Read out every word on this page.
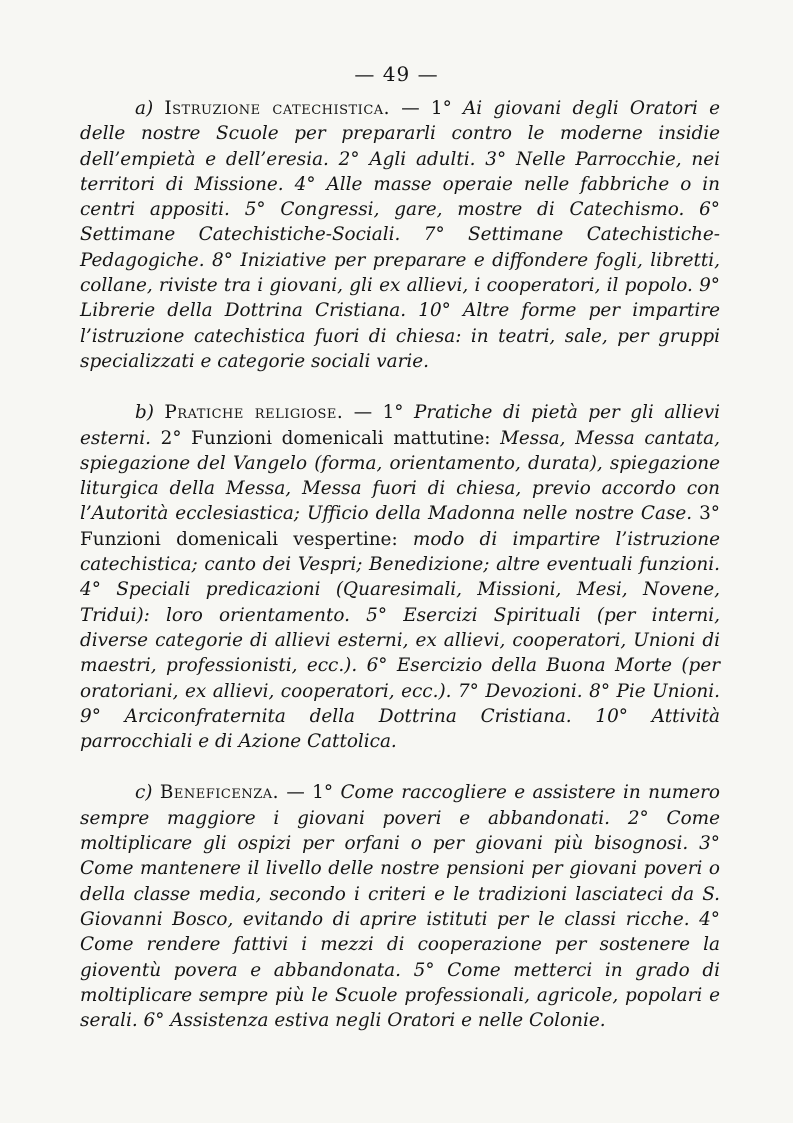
— 49 —

a) Istruzione catechistica. — 1° Ai giovani degli Oratori e delle nostre Scuole per prepararli contro le moderne insidie dell’empietà e dell’eresia. 2° Agli adulti. 3° Nelle Parrocchie, nei territori di Missione. 4° Alle masse operaie nelle fabbriche o in centri appositi. 5° Congressi, gare, mostre di Catechismo. 6° Settimane Catechistiche-Sociali. 7° Settimane Catechistiche-Pedagogiche. 8° Iniziative per preparare e diffondere fogli, libretti, collane, riviste tra i giovani, gli ex allievi, i cooperatori, il popolo. 9° Librerie della Dottrina Cristiana. 10° Altre forme per impartire l’istruzione catechistica fuori di chiesa: in teatri, sale, per gruppi specializzati e categorie sociali varie.

b) Pratiche religiose. — 1° Pratiche di pietà per gli allievi esterni. 2° Funzioni domenicali mattutine: Messa, Messa cantata, spiegazione del Vangelo (forma, orientamento, durata), spiegazione liturgica della Messa, Messa fuori di chiesa, previo accordo con l’Autorità ecclesiastica; Ufficio della Madonna nelle nostre Case. 3° Funzioni domenicali vespertine: modo di impartire l’istruzione catechistica; canto dei Vespri; Benedizione; altre eventuali funzioni. 4° Speciali predicazioni (Quaresimali, Missioni, Mesi, Novene, Tridui): loro orientamento. 5° Esercizi Spirituali (per interni, diverse categorie di allievi esterni, ex allievi, cooperatori, Unioni di maestri, professionisti, ecc.). 6° Esercizio della Buona Morte (per oratoriani, ex allievi, cooperatori, ecc.). 7° Devozioni. 8° Pie Unioni. 9° Arciconfraternita della Dottrina Cristiana. 10° Attività parrocchiali e di Azione Cattolica.

c) Beneficenza. — 1° Come raccogliere e assistere in numero sempre maggiore i giovani poveri e abbandonati. 2° Come moltiplicare gli ospizi per orfani o per giovani più bisognosi. 3° Come mantenere il livello delle nostre pensioni per giovani poveri o della classe media, secondo i criteri e le tradizioni lasciateci da S. Giovanni Bosco, evitando di aprire istituti per le classi ricche. 4° Come rendere fattivi i mezzi di cooperazione per sostenere la gioventù povera e abbandonata. 5° Come metterci in grado di moltiplicare sempre più le Scuole professionali, agricole, popolari e serali. 6° Assistenza estiva negli Oratori e nelle Colonie.
